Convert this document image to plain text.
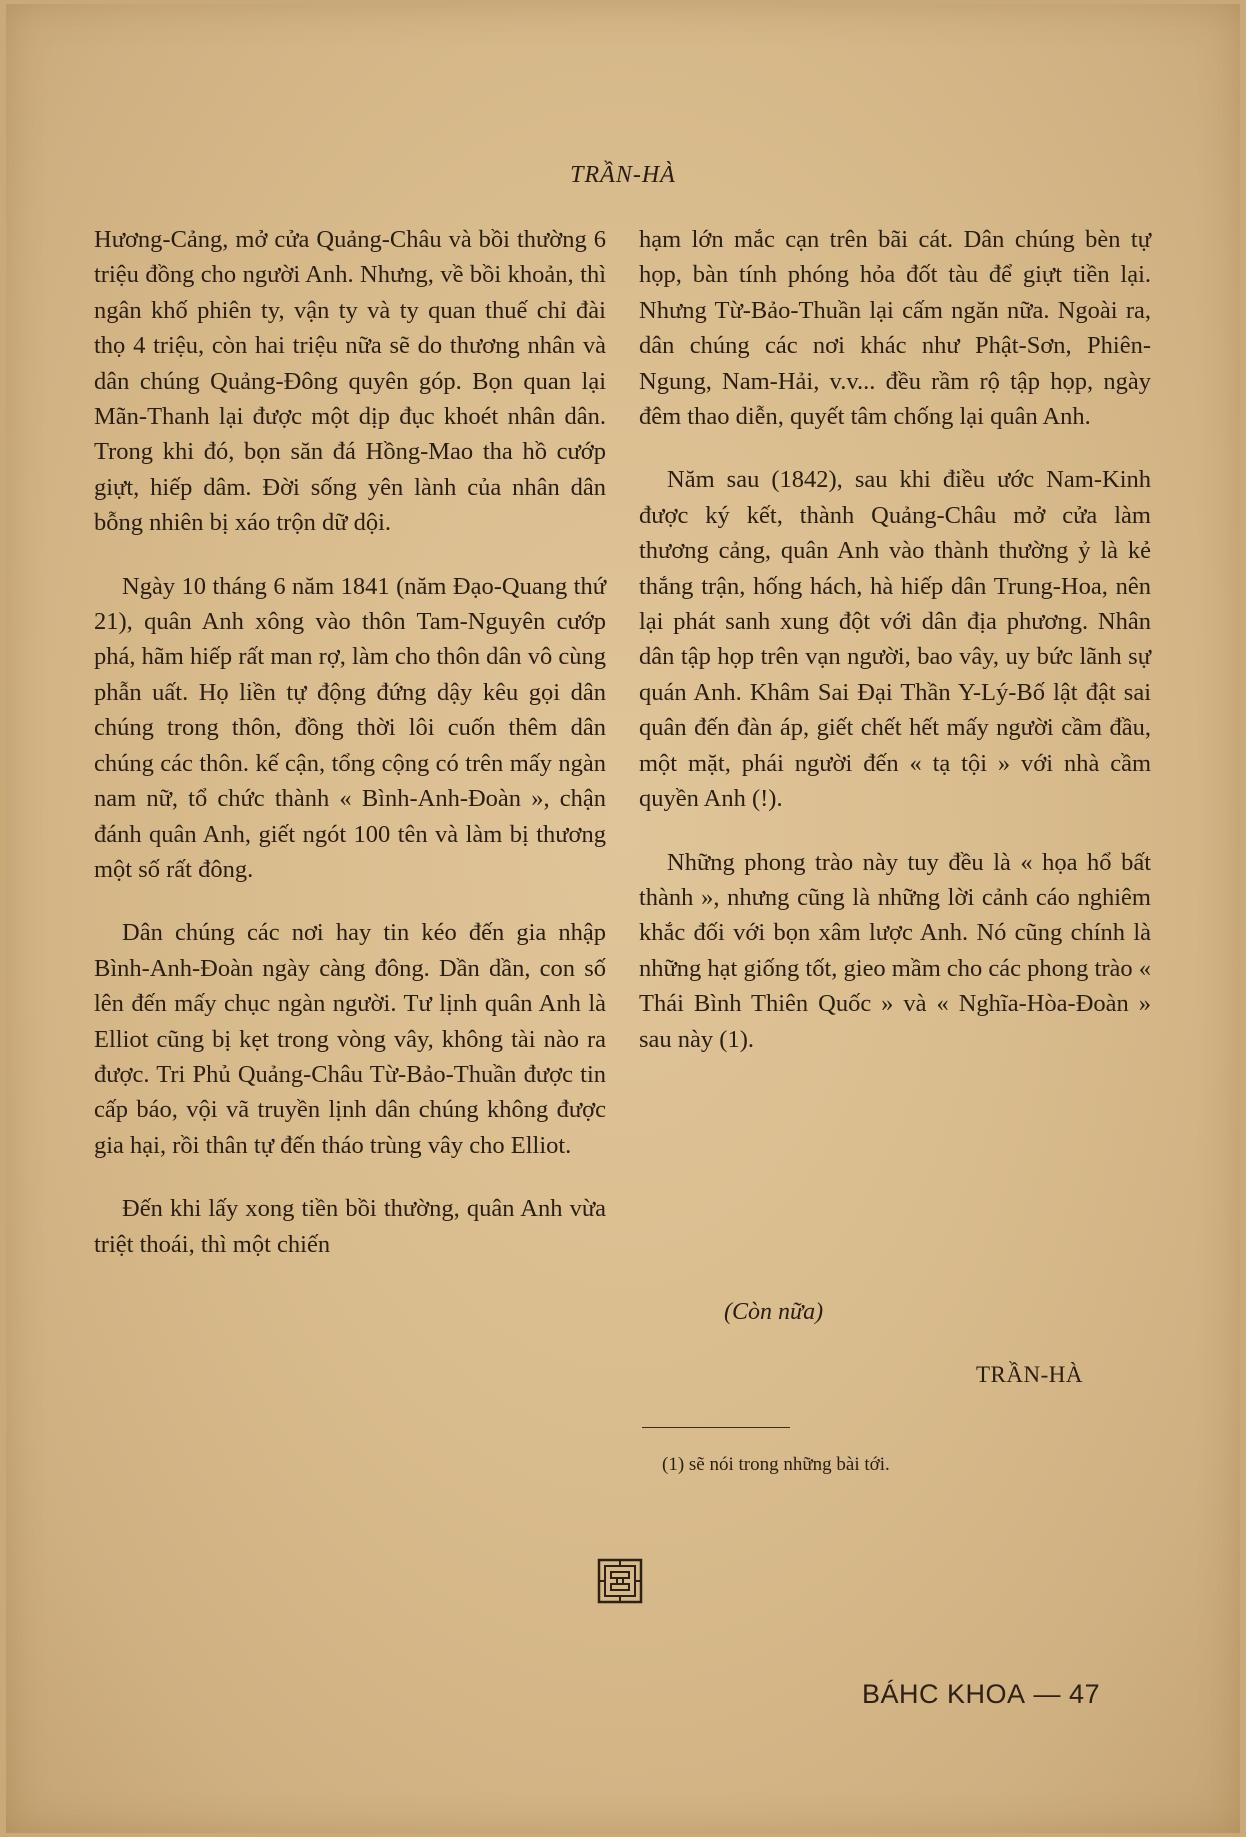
TRẦN-HÀ

Hương-Cảng, mở cửa Quảng-Châu và bồi thường 6 triệu đồng cho người Anh. Nhưng, về bồi khoản, thì ngân khố phiên ty, vận ty và ty quan thuế chỉ đài thọ 4 triệu, còn hai triệu nữa sẽ do thương nhân và dân chúng Quảng-Đông quyên góp. Bọn quan lại Mãn-Thanh lại được một dịp đục khoét nhân dân. Trong khi đó, bọn săn đá Hồng-Mao tha hồ cướp giựt, hiếp dâm. Đời sống yên lành của nhân dân bỗng nhiên bị xáo trộn dữ dội.

Ngày 10 tháng 6 năm 1841 (năm Đạo-Quang thứ 21), quân Anh xông vào thôn Tam-Nguyên cướp phá, hãm hiếp rất man rợ, làm cho thôn dân vô cùng phẫn uất. Họ liền tự động đứng dậy kêu gọi dân chúng trong thôn, đồng thời lôi cuốn thêm dân chúng các thôn. kế cận, tổng cộng có trên mấy ngàn nam nữ, tổ chức thành « Bình-Anh-Đoàn », chận đánh quân Anh, giết ngót 100 tên và làm bị thương một số rất đông.

Dân chúng các nơi hay tin kéo đến gia nhập Bình-Anh-Đoàn ngày càng đông. Dần dần, con số lên đến mấy chục ngàn người. Tư lịnh quân Anh là Elliot cũng bị kẹt trong vòng vây, không tài nào ra được. Tri Phủ Quảng-Châu Từ-Bảo-Thuần được tin cấp báo, vội vã truyền lịnh dân chúng không được gia hại, rồi thân tự đến tháo trùng vây cho Elliot.

Đến khi lấy xong tiền bồi thường, quân Anh vừa triệt thoái, thì một chiến

hạm lớn mắc cạn trên bãi cát. Dân chúng bèn tự họp, bàn tính phóng hỏa đốt tàu để giựt tiền lại. Nhưng Từ-Bảo-Thuần lại cấm ngăn nữa. Ngoài ra, dân chúng các nơi khác như Phật-Sơn, Phiên-Ngung, Nam-Hải, v.v... đều rầm rộ tập họp, ngày đêm thao diễn, quyết tâm chống lại quân Anh.

Năm sau (1842), sau khi điều ước Nam-Kinh được ký kết, thành Quảng-Châu mở cửa làm thương cảng, quân Anh vào thành thường ỷ là kẻ thắng trận, hống hách, hà hiếp dân Trung-Hoa, nên lại phát sanh xung đột với dân địa phương. Nhân dân tập họp trên vạn người, bao vây, uy bức lãnh sự quán Anh. Khâm Sai Đại Thần Y-Lý-Bố lật đật sai quân đến đàn áp, giết chết hết mấy người cầm đầu, một mặt, phái người đến « tạ tội » với nhà cầm quyền Anh (!).

Những phong trào này tuy đều là « họa hổ bất thành », nhưng cũng là những lời cảnh cáo nghiêm khắc đối với bọn xâm lược Anh. Nó cũng chính là những hạt giống tốt, gieo mầm cho các phong trào « Thái Bình Thiên Quốc » và « Nghĩa-Hòa-Đoàn » sau này (1).

(Còn nữa)
TRẦN-HÀ
(1) sẽ nói trong những bài tới.
BÁHC KHOA — 47
